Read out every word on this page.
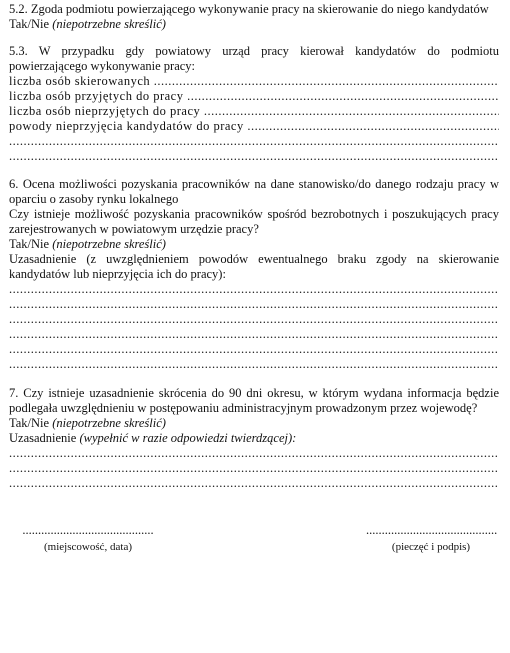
5.2. Zgoda podmiotu powierzającego wykonywanie pracy na skierowanie do niego kandydatów
Tak/Nie (niepotrzebne skreślić)
5.3. W przypadku gdy powiatowy urząd pracy kierował kandydatów do podmiotu
powierzającego wykonywanie pracy:
liczba osób skierowanych .....
liczba osób przyjętych do pracy .....
liczba osób nieprzyjętych do pracy .....
powody nieprzyjęcia kandydatów do pracy .....
.....
.....
6. Ocena możliwości pozyskania pracowników na dane stanowisko/do danego rodzaju pracy w
oparciu o zasoby rynku lokalnego
Czy istnieje możliwość pozyskania pracowników spośród bezrobotnych i poszukujących pracy
zarejestrowanych w powiatowym urzędzie pracy?
Tak/Nie (niepotrzebne skreślić)
Uzasadnienie (z uwzględnieniem powodów ewentualnego braku zgody na skierowanie
kandydatów lub nieprzyjęcia ich do pracy):
.....
.....
.....
.....
.....
.....
7. Czy istnieje uzasadnienie skrócenia do 90 dni okresu, w którym wydana informacja będzie
podlegała uwzględnieniu w postępowaniu administracyjnym prowadzonym przez wojewodę?
Tak/Nie (niepotrzebne skreślić)
Uzasadnienie (wypełnić w razie odpowiedzi twierdzącej):
.....
.....
.....
..........................................
(miejscowość, data)
..........................................
(pieczęć i podpis)
